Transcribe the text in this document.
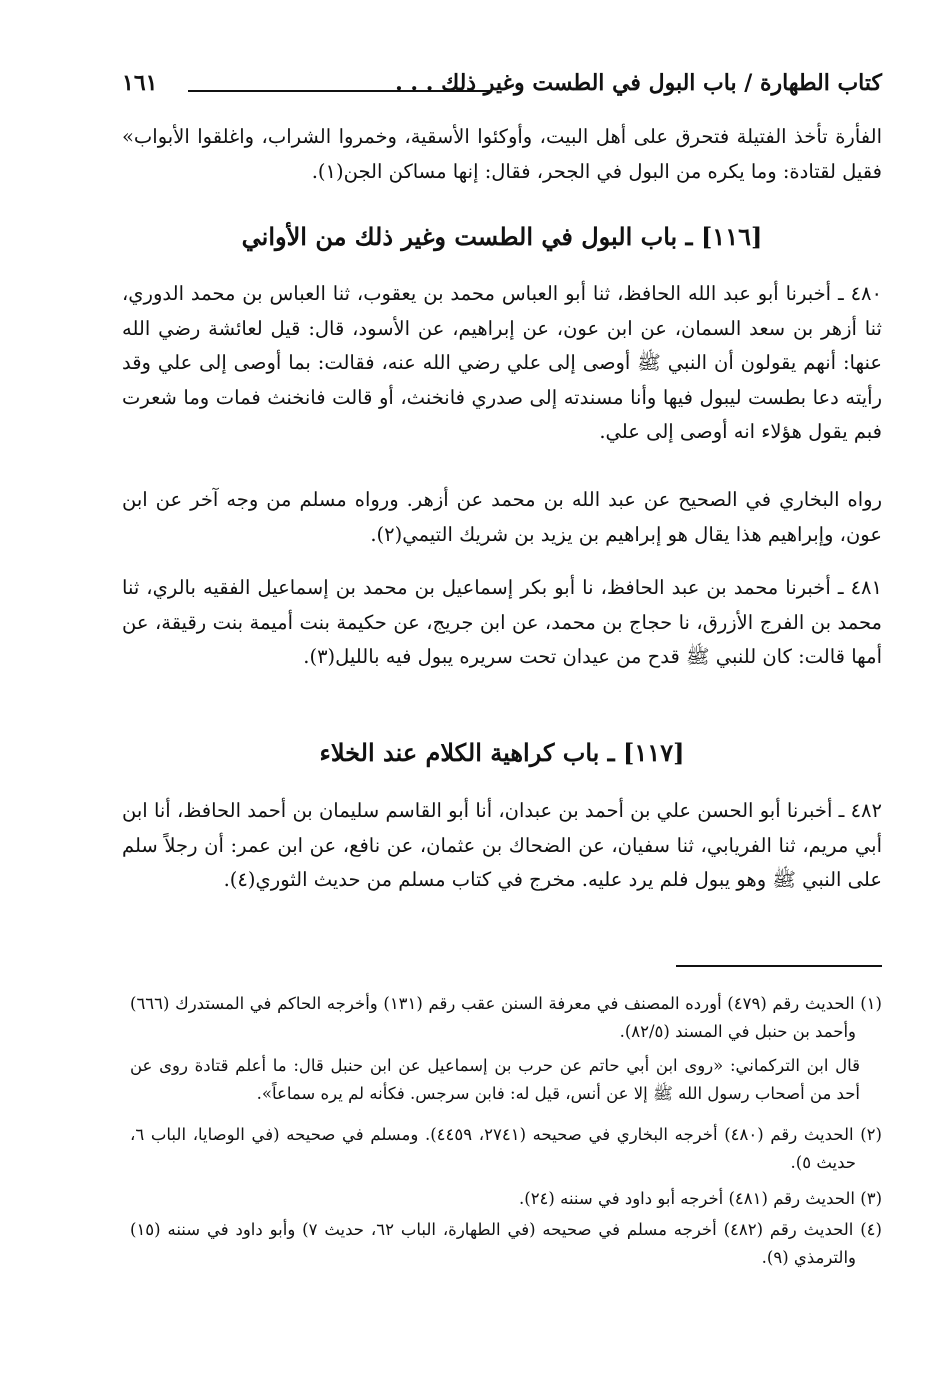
كتاب الطهارة / باب البول في الطست وغير ذلك . . .
١٦١

الفأرة تأخذ الفتيلة فتحرق على أهل البيت، وأوكئوا الأسقية، وخمروا الشراب، واغلقوا الأبواب» فقيل لقتادة: وما يكره من البول في الجحر، فقال: إنها مساكن الجن(١).

[١١٦] ـ باب البول في الطست وغير ذلك من الأواني

٤٨٠ ـ أخبرنا أبو عبد الله الحافظ، ثنا أبو العباس محمد بن يعقوب، ثنا العباس بن محمد الدوري، ثنا أزهر بن سعد السمان، عن ابن عون، عن إبراهيم، عن الأسود، قال: قيل لعائشة رضي الله عنها: أنهم يقولون أن النبي ﷺ أوصى إلى علي رضي الله عنه، فقالت: بما أوصى إلى علي وقد رأيته دعا بطست ليبول فيها وأنا مسندته إلى صدري فانخنث، أو قالت فانخنث فمات وما شعرت فبم يقول هؤلاء انه أوصى إلى علي.

رواه البخاري في الصحيح عن عبد الله بن محمد عن أزهر. ورواه مسلم من وجه آخر عن ابن عون، وإبراهيم هذا يقال هو إبراهيم بن يزيد بن شريك التيمي(٢).

٤٨١ ـ أخبرنا محمد بن عبد الحافظ، نا أبو بكر إسماعيل بن محمد بن إسماعيل الفقيه بالري، ثنا محمد بن الفرج الأزرق، نا حجاج بن محمد، عن ابن جريج، عن حكيمة بنت أميمة بنت رقيقة، عن أمها قالت: كان للنبي ﷺ قدح من عيدان تحت سريره يبول فيه بالليل(٣).

[١١٧] ـ باب كراهية الكلام عند الخلاء

٤٨٢ ـ أخبرنا أبو الحسن علي بن أحمد بن عبدان، أنا أبو القاسم سليمان بن أحمد الحافظ، أنا ابن أبي مريم، ثنا الفريابي، ثنا سفيان، عن الضحاك بن عثمان، عن نافع، عن ابن عمر: أن رجلاً سلم على النبي ﷺ وهو يبول فلم يرد عليه. مخرج في كتاب مسلم من حديث الثوري(٤).

(١) الحديث رقم (٤٧٩) أورده المصنف في معرفة السنن عقب رقم (١٣١) وأخرجه الحاكم في المستدرك (٦٦٦) وأحمد بن حنبل في المسند (٨٢/٥).

قال ابن التركماني: «روى ابن أبي حاتم عن حرب بن إسماعيل عن ابن حنبل قال: ما أعلم قتادة روى عن أحد من أصحاب رسول الله ﷺ إلا عن أنس، قيل له: فابن سرجس. فكأنه لم يره سماعاً».

(٢) الحديث رقم (٤٨٠) أخرجه البخاري في صحيحه (٢٧٤١، ٤٤٥٩). ومسلم في صحيحه (في الوصايا، الباب ٦، حديث ٥).

(٣) الحديث رقم (٤٨١) أخرجه أبو داود في سننه (٢٤).

(٤) الحديث رقم (٤٨٢) أخرجه مسلم في صحيحه (في الطهارة، الباب ٦٢، حديث ٧) وأبو داود في سننه (١٥) والترمذي (٩).
